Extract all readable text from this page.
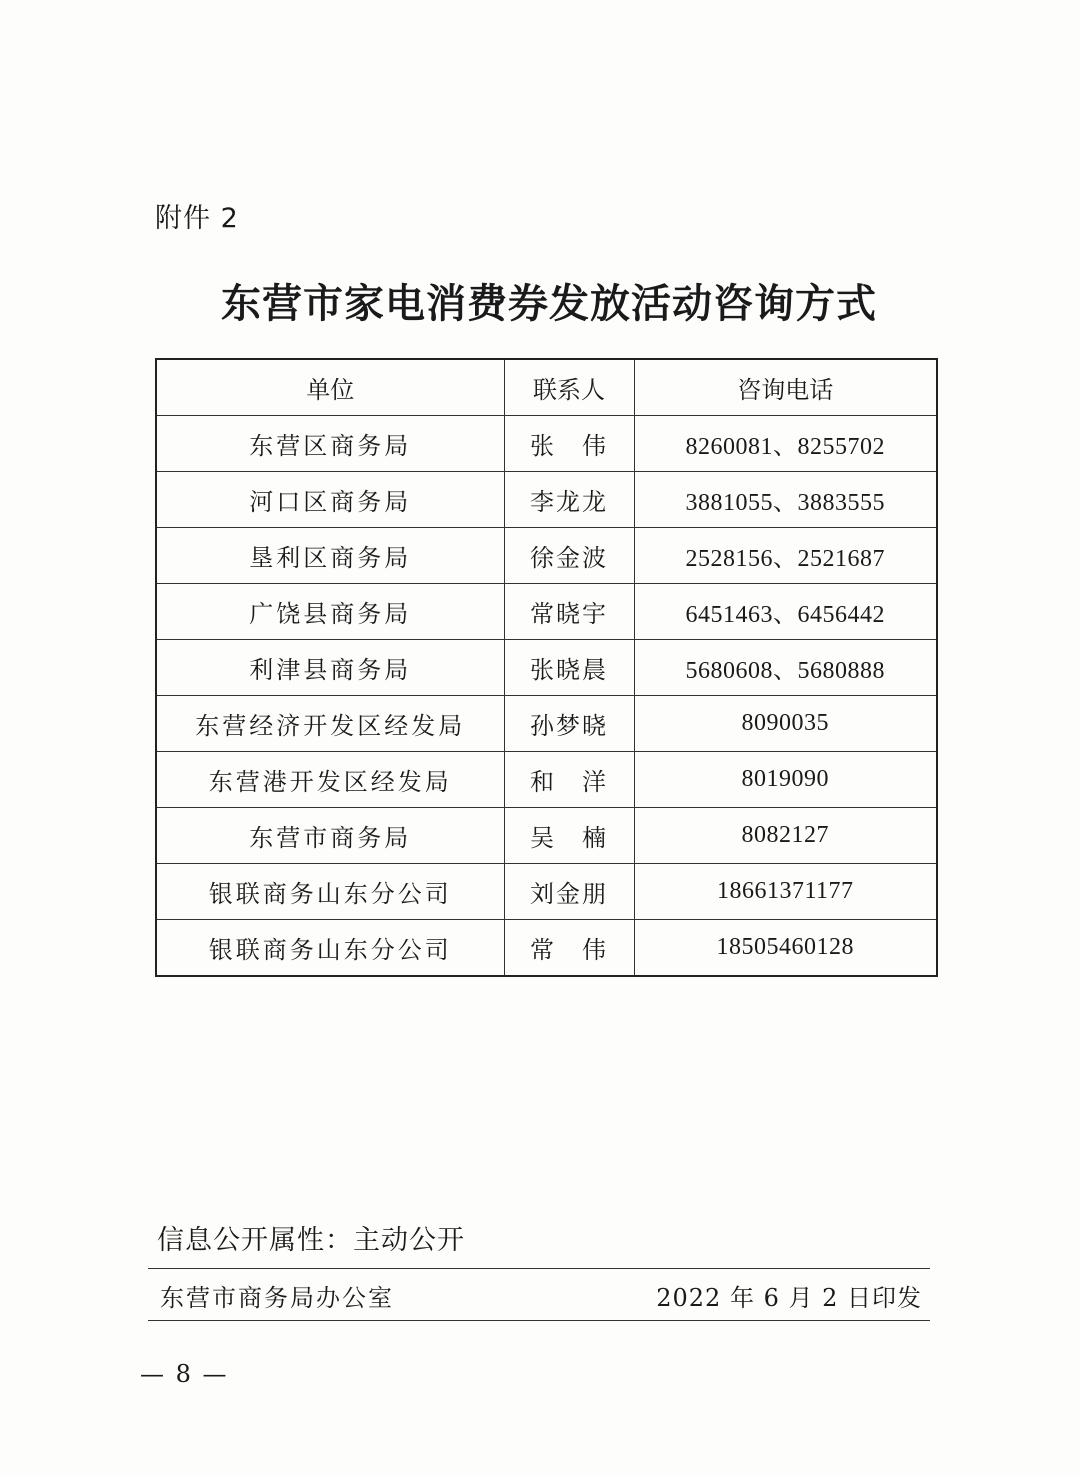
附件 2
东营市家电消费券发放活动咨询方式
单位	联系人	咨询电话
东营区商务局	张　伟	8260081、8255702
河口区商务局	李龙龙	3881055、3883555
垦利区商务局	徐金波	2528156、2521687
广饶县商务局	常晓宇	6451463、6456442
利津县商务局	张晓晨	5680608、5680888
东营经济开发区经发局	孙梦晓	8090035
东营港开发区经发局	和　洋	8019090
东营市商务局	吴　楠	8082127
银联商务山东分公司	刘金朋	18661371177
银联商务山东分公司	常　伟	18505460128
信息公开属性：主动公开
东营市商务局办公室	2022 年 6 月 2 日印发
— 8 —
